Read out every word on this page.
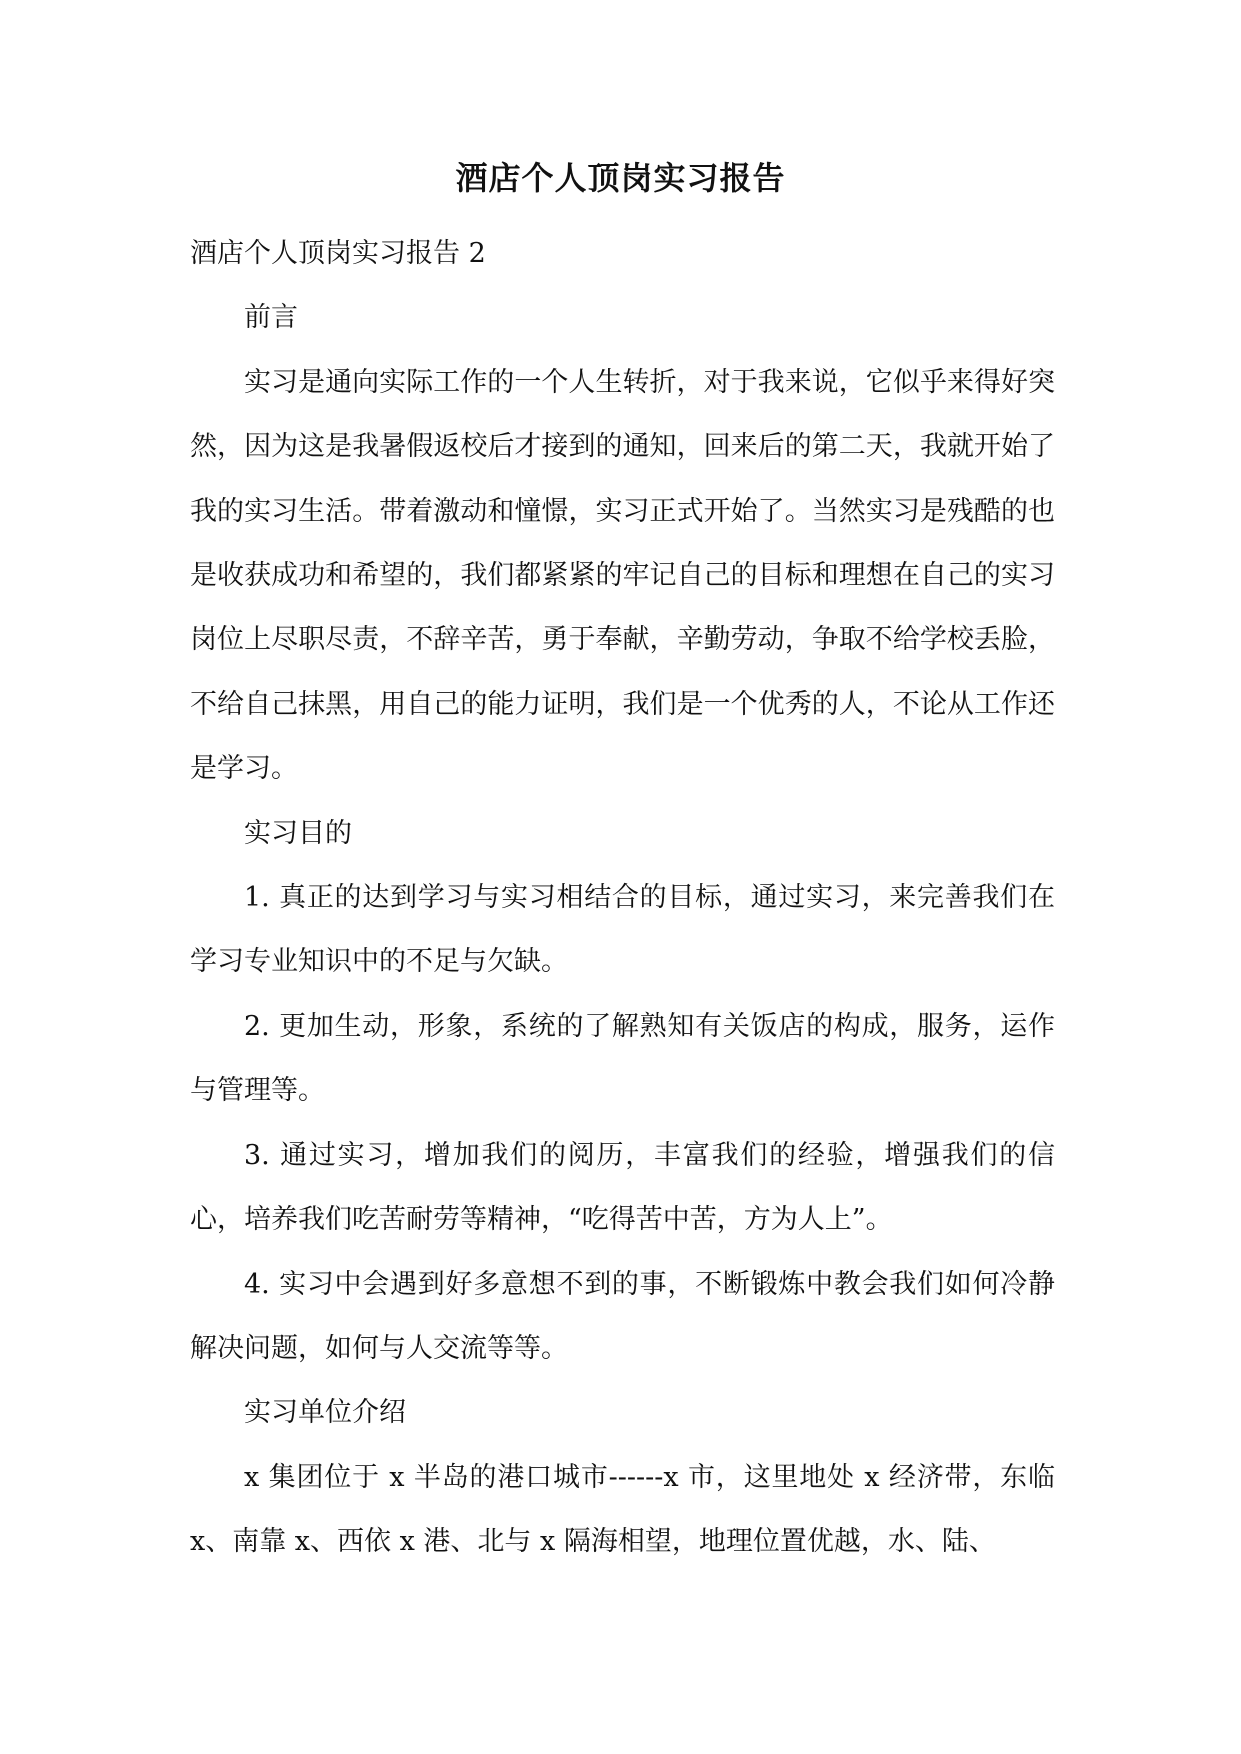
酒店个人顶岗实习报告

酒店个人顶岗实习报告 2

前言

实习是通向实际工作的一个人生转折，对于我来说，它似乎来得好突然，因为这是我暑假返校后才接到的通知，回来后的第二天，我就开始了我的实习生活。带着激动和憧憬，实习正式开始了。当然实习是残酷的也是收获成功和希望的，我们都紧紧的牢记自己的目标和理想在自己的实习岗位上尽职尽责，不辞辛苦，勇于奉献，辛勤劳动，争取不给学校丢脸，不给自己抹黑，用自己的能力证明，我们是一个优秀的人，不论从工作还是学习。

实习目的

1. 真正的达到学习与实习相结合的目标，通过实习，来完善我们在学习专业知识中的不足与欠缺。

2. 更加生动，形象，系统的了解熟知有关饭店的构成，服务，运作与管理等。

3. 通过实习，增加我们的阅历，丰富我们的经验，增强我们的信心，培养我们吃苦耐劳等精神，“吃得苦中苦，方为人上”。

4. 实习中会遇到好多意想不到的事，不断锻炼中教会我们如何冷静解决问题，如何与人交流等等。

实习单位介绍

x 集团位于 x 半岛的港口城市------x 市，这里地处 x 经济带，东临 x、南靠 x、西依 x 港、北与 x 隔海相望，地理位置优越，水、陆、
